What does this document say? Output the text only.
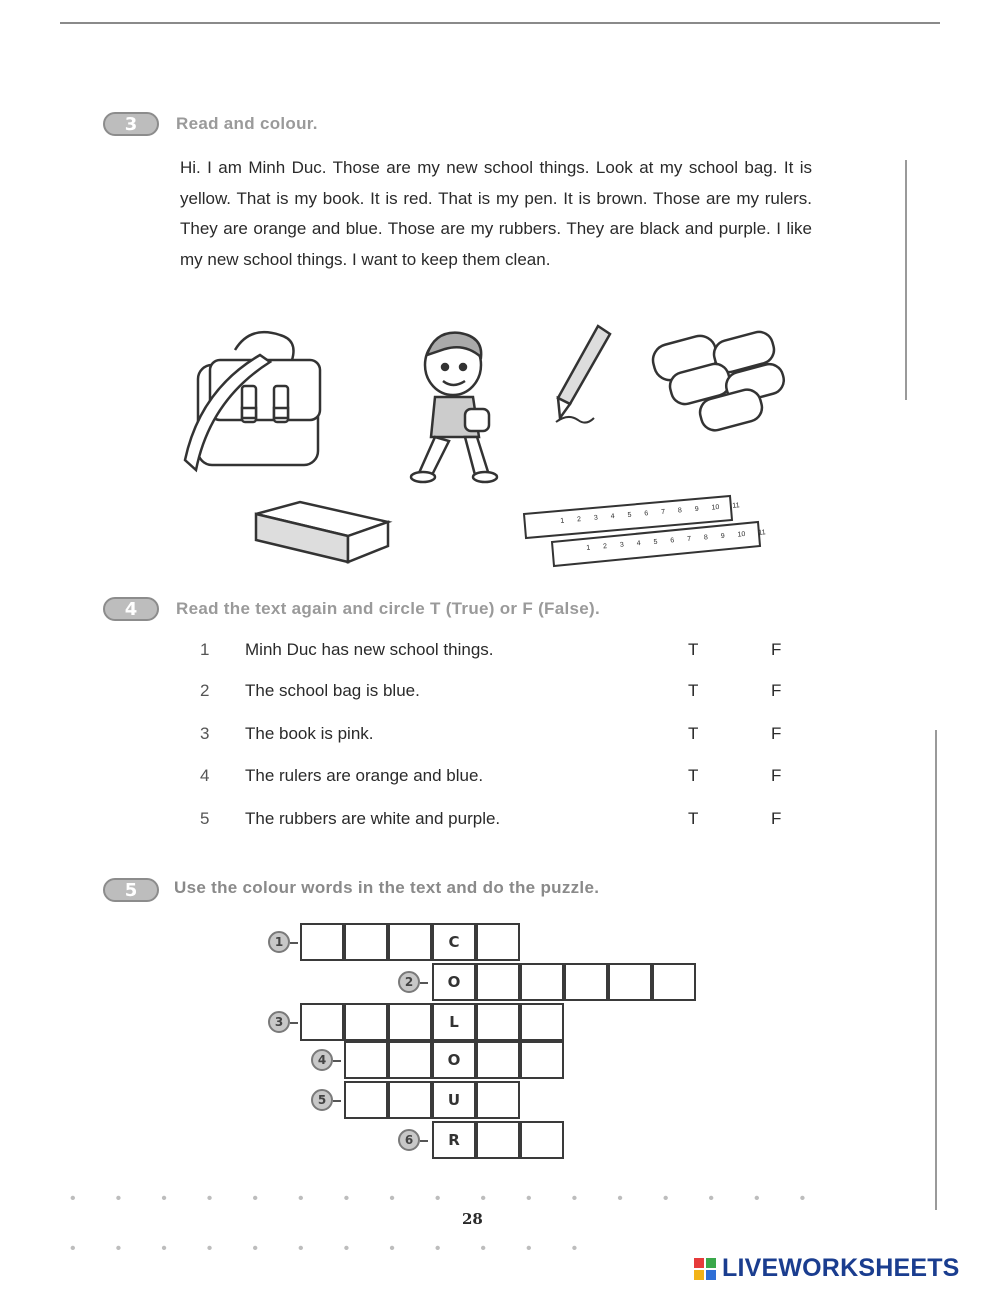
3 Read and colour.
Hi. I am Minh Duc. Those are my new school things. Look at my school bag. It is yellow. That is my book. It is red. That is my pen. It is brown. Those are my rulers. They are orange and blue. Those are my rubbers. They are black and purple. I like my new school things. I want to keep them clean.
1 2 3 4 5 6 7 8 9 10 11
1 2 3 4 5 6 7 8 9 10 11
4 Read the text again and circle T (True) or F (False).
1 Minh Duc has new school things.	T	F
2 The school bag is blue.	T	F
3 The book is pink.	T	F
4 The rulers are orange and blue.	T	F
5 The rubbers are white and purple.	T	F
5 Use the colour words in the text and do the puzzle.
C
O
L
O
U
R
1
2
3
4
5
6
•••••••••••••••••
28
••••••••••••
LIVEWORKSHEETS
